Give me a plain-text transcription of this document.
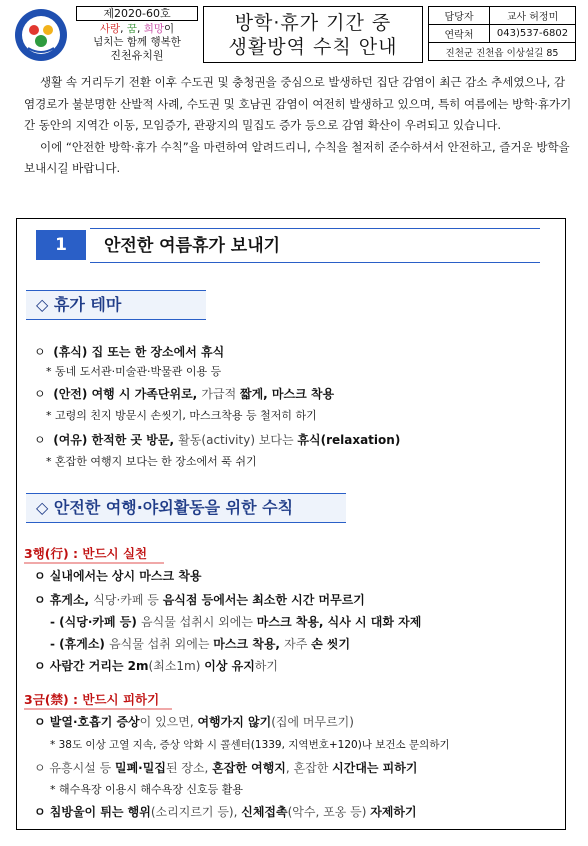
제2020-60호
사랑, 꿈, 희망이
넘치는 함께 행복한
진천유치원
방학·휴가 기간 중
생활방역 수칙 안내
담당자	교사 허정미
연락처	043)537-6802
진천군 진천읍 이상설길 85	

생활 속 거리두기 전환 이후 수도권 및 충청권을 중심으로 발생하던 집단 감염이 최근 감소 추세였으나, 감염경로가 불분명한 산발적 사례, 수도권 및 호남권 감염이 여전히 발생하고 있으며, 특히 여름에는 방학·휴가기간 동안의 지역간 이동, 모임증가, 관광지의 밀집도 증가 등으로 감염 확산이 우려되고 있습니다.

이에 “안전한 방학·휴가 수칙”을 마련하여 알려드리니, 수칙을 철저히 준수하셔서 안전하고, 즐거운 방학을 보내시길 바랍니다.

1	안전한 여름휴가 보내기
◇ 휴가 테마
ㅇ (휴식) 집 또는 한 장소에서 휴식
* 동네 도서관·미술관·박물관 이용 등
ㅇ (안전) 여행 시 가족단위로, 가급적 짧게, 마스크 착용
* 고령의 친지 방문시 손씻기, 마스크착용 등 철저히 하기
ㅇ (여유) 한적한 곳 방문, 활동(activity) 보다는 휴식(relaxation)
* 혼잡한 여행지 보다는 한 장소에서 푹 쉬기
◇ 안전한 여행·야외활동을 위한 수칙
3행(行) : 반드시 실천
ㅇ 실내에서는 상시 마스크 착용
ㅇ 휴게소, 식당·카페 등 음식점 등에서는 최소한 시간 머무르기
- (식당·카페 등) 음식물 섭취시 외에는 마스크 착용, 식사 시 대화 자제
- (휴게소) 음식물 섭취 외에는 마스크 착용, 자주 손 씻기
ㅇ 사람간 거리는 2m(최소1m) 이상 유지하기
3금(禁) : 반드시 피하기
ㅇ 발열·호흡기 증상이 있으면, 여행가지 않기(집에 머무르기)
* 38도 이상 고열 지속, 증상 악화 시 콜센터(1339, 지역번호+120)나 보건소 문의하기
ㅇ 유흥시설 등 밀폐·밀집된 장소, 혼잡한 여행지, 혼잡한 시간대는 피하기
* 해수욕장 이용시 해수욕장 신호등 활용
ㅇ 침방울이 튀는 행위(소리지르기 등), 신체접촉(악수, 포옹 등) 자제하기
